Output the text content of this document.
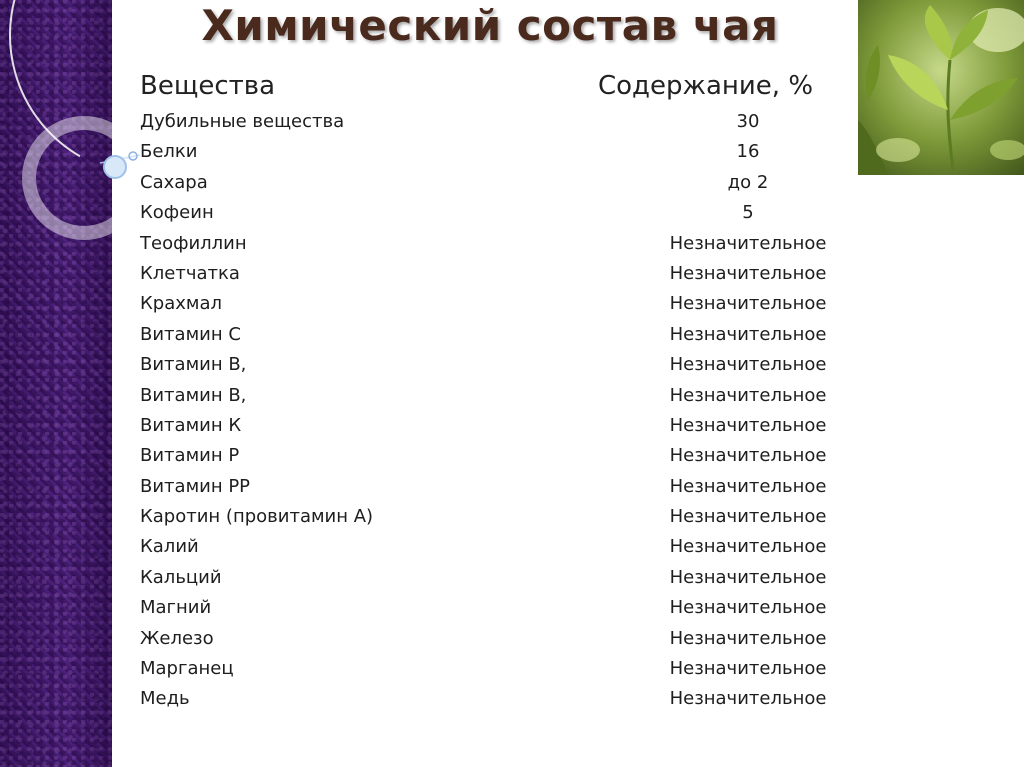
Химический состав чая
Вещества	Содержание, %
Дубильные вещества	30
Белки	16
Сахара	до 2
Кофеин	5
Теофиллин	Незначительное
Клетчатка	Незначительное
Крахмал	Незначительное
Витамин С	Незначительное
Витамин В,	Незначительное
Витамин В,	Незначительное
Витамин К	Незначительное
Витамин Р	Незначительное
Витамин РР	Незначительное
Каротин (провитамин А)	Незначительное
Калий	Незначительное
Кальций	Незначительное
Магний	Незначительное
Железо	Незначительное
Марганец	Незначительное
Медь	Незначительное
